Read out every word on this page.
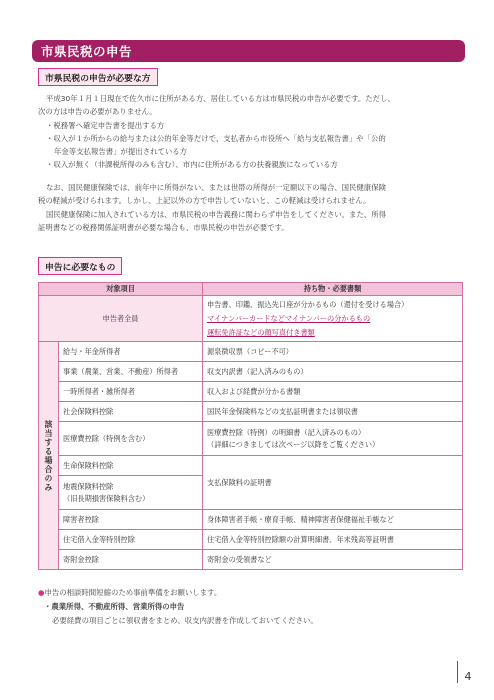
市県民税の申告
市県民税の申告が必要な方
平成30年１月１日現在で佐久市に住所がある方、居住している方は市県民税の申告が必要です。ただし、
次の方は申告の必要がありません。
・税務署へ確定申告書を提出する方
・収入が１か所からの給与または公的年金等だけで、支払者から市役所へ「給与支払報告書」や「公的
年金等支払報告書」が提出されている方
・収入が無く（非課税所得のみも含む）、市内に住所がある方の扶養親族になっている方
なお、国民健康保険では、前年中に所得がない、または世帯の所得が一定額以下の場合、国民健康保険
税の軽減が受けられます。しかし、上記以外の方で申告していないと、この軽減は受けられません。
国民健康保険に加入されている方は、市県民税の申告義務に関わらず申告をしてください。また、所得
証明書などの税務関係証明書が必要な場合も、市県民税の申告が必要です。
申告に必要なもの
対象項目		持ち物・必要書類
申告者全員		申告書、印鑑、振込先口座が分かるもの（還付を受ける場合）
マイナンバーカードなどマイナンバーの分かるもの
運転免許証などの顔写真付き書類

該当する場合のみ	給与・年金所得者	源泉徴収票（コピー不可）
	事業（農業、営業、不動産）所得者	収支内訳書（記入済みのもの）
	一時所得者・雑所得者	収入および経費が分かる書類
	社会保険料控除	国民年金保険料などの支払証明書または領収書
	医療費控除（特例を含む）	医療費控除（特例）の明細書（記入済みのもの）
（詳細につきましては次ページ以降をご覧ください）

	生命保険料控除	支払保険料の証明書

	地震保険料控除
（旧長期損害保険料含む）	

	障害者控除	身体障害者手帳・療育手帳、精神障害者保健福祉手帳など
	住宅借入金等特別控除	住宅借入金等特別控除額の計算明細書、年末残高等証明書
	寄附金控除	寄附金の受領書など
●申告の相談時間短縮のため事前準備をお願いします。
・農業所得、不動産所得、営業所得の申告
必要経費の項目ごとに領収書をまとめ、収支内訳書を作成しておいてください。
4
